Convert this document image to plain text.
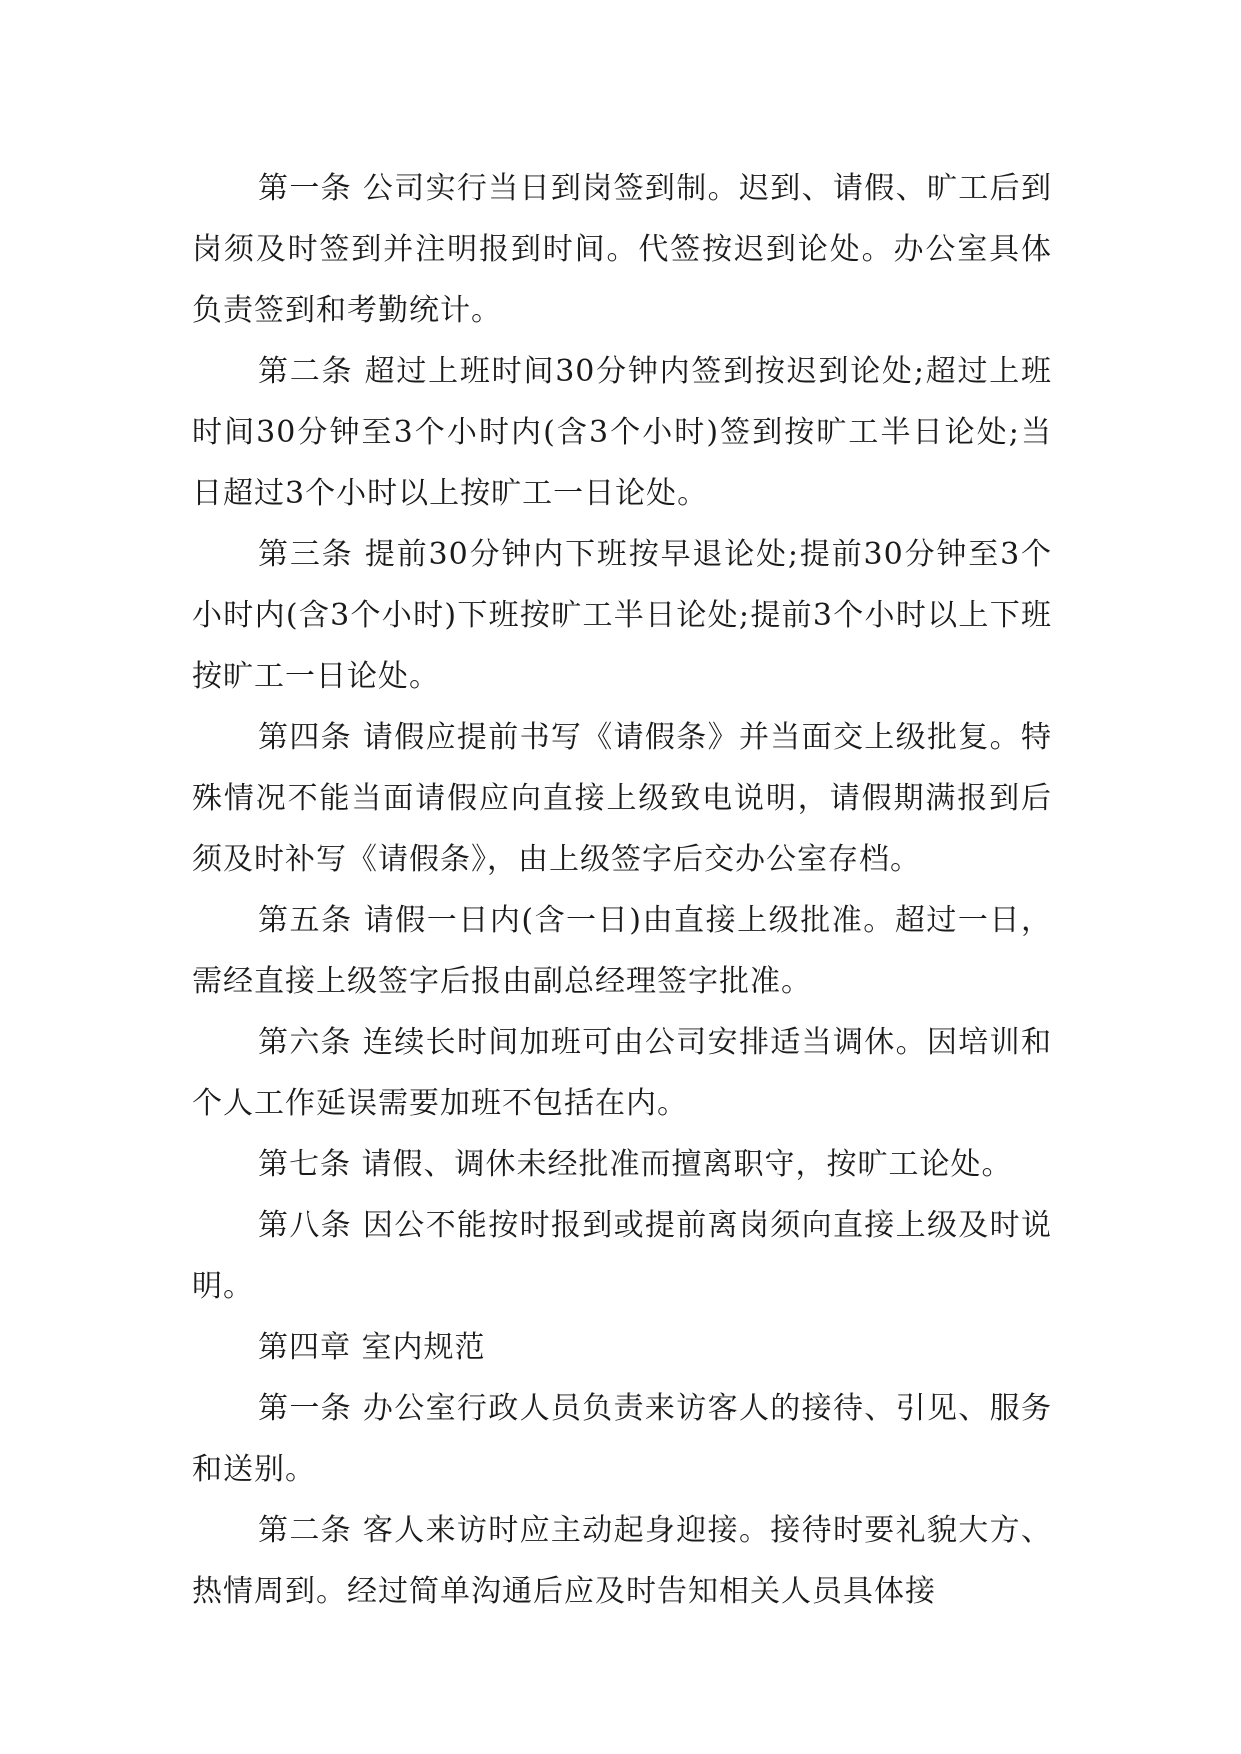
第一条 公司实行当日到岗签到制。迟到、请假、旷工后到岗须及时签到并注明报到时间。代签按迟到论处。办公室具体负责签到和考勤统计。

第二条 超过上班时间30分钟内签到按迟到论处;超过上班时间30分钟至3个小时内(含3个小时)签到按旷工半日论处;当日超过3个小时以上按旷工一日论处。

第三条 提前30分钟内下班按早退论处;提前30分钟至3个小时内(含3个小时)下班按旷工半日论处;提前3个小时以上下班按旷工一日论处。

第四条 请假应提前书写《请假条》并当面交上级批复。特殊情况不能当面请假应向直接上级致电说明，请假期满报到后须及时补写《请假条》，由上级签字后交办公室存档。

第五条 请假一日内(含一日)由直接上级批准。超过一日，需经直接上级签字后报由副总经理签字批准。

第六条 连续长时间加班可由公司安排适当调休。因培训和个人工作延误需要加班不包括在内。

第七条 请假、调休未经批准而擅离职守，按旷工论处。

第八条 因公不能按时报到或提前离岗须向直接上级及时说明。

第四章 室内规范

第一条 办公室行政人员负责来访客人的接待、引见、服务和送别。

第二条 客人来访时应主动起身迎接。接待时要礼貌大方、热情周到。经过简单沟通后应及时告知相关人员具体接
